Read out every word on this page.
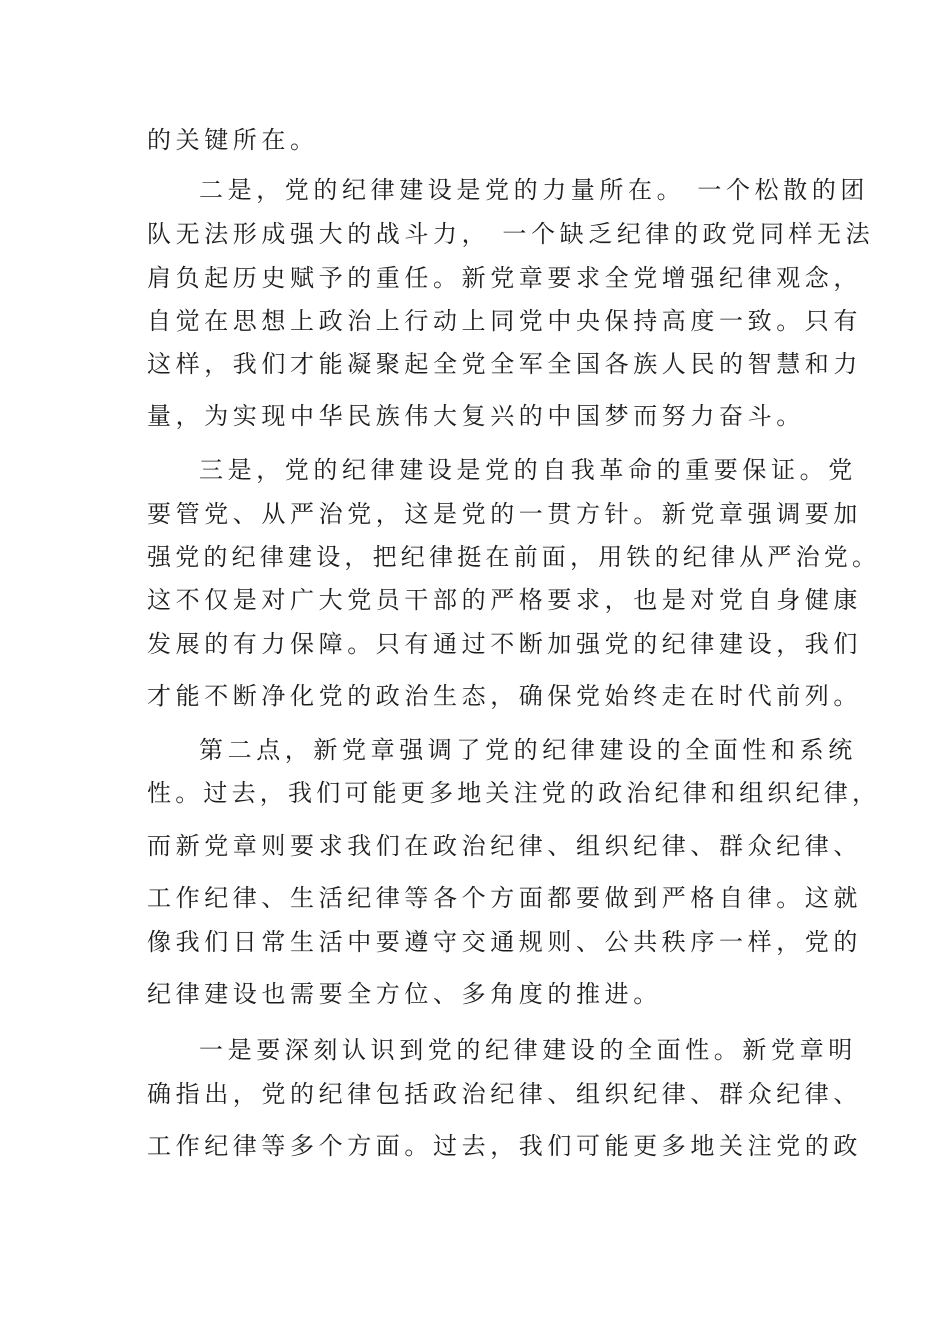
的关键所在。
二是，党的纪律建设是党的力量所在。 一个松散的团
队无法形成强大的战斗力， 一个缺乏纪律的政党同样无法
肩负起历史赋予的重任。新党章要求全党增强纪律观念，
自觉在思想上政治上行动上同党中央保持高度一致。只有
这样，我们才能凝聚起全党全军全国各族人民的智慧和力
量，为实现中华民族伟大复兴的中国梦而努力奋斗。
三是，党的纪律建设是党的自我革命的重要保证。党
要管党、从严治党，这是党的一贯方针。新党章强调要加
强党的纪律建设，把纪律挺在前面，用铁的纪律从严治党。
这不仅是对广大党员干部的严格要求，也是对党自身健康
发展的有力保障。只有通过不断加强党的纪律建设，我们
才能不断净化党的政治生态，确保党始终走在时代前列。
第二点，新党章强调了党的纪律建设的全面性和系统
性。过去，我们可能更多地关注党的政治纪律和组织纪律，
而新党章则要求我们在政治纪律、组织纪律、群众纪律、
工作纪律、生活纪律等各个方面都要做到严格自律。这就
像我们日常生活中要遵守交通规则、公共秩序一样，党的
纪律建设也需要全方位、多角度的推进。
一是要深刻认识到党的纪律建设的全面性。新党章明
确指出，党的纪律包括政治纪律、组织纪律、群众纪律、
工作纪律等多个方面。过去，我们可能更多地关注党的政
